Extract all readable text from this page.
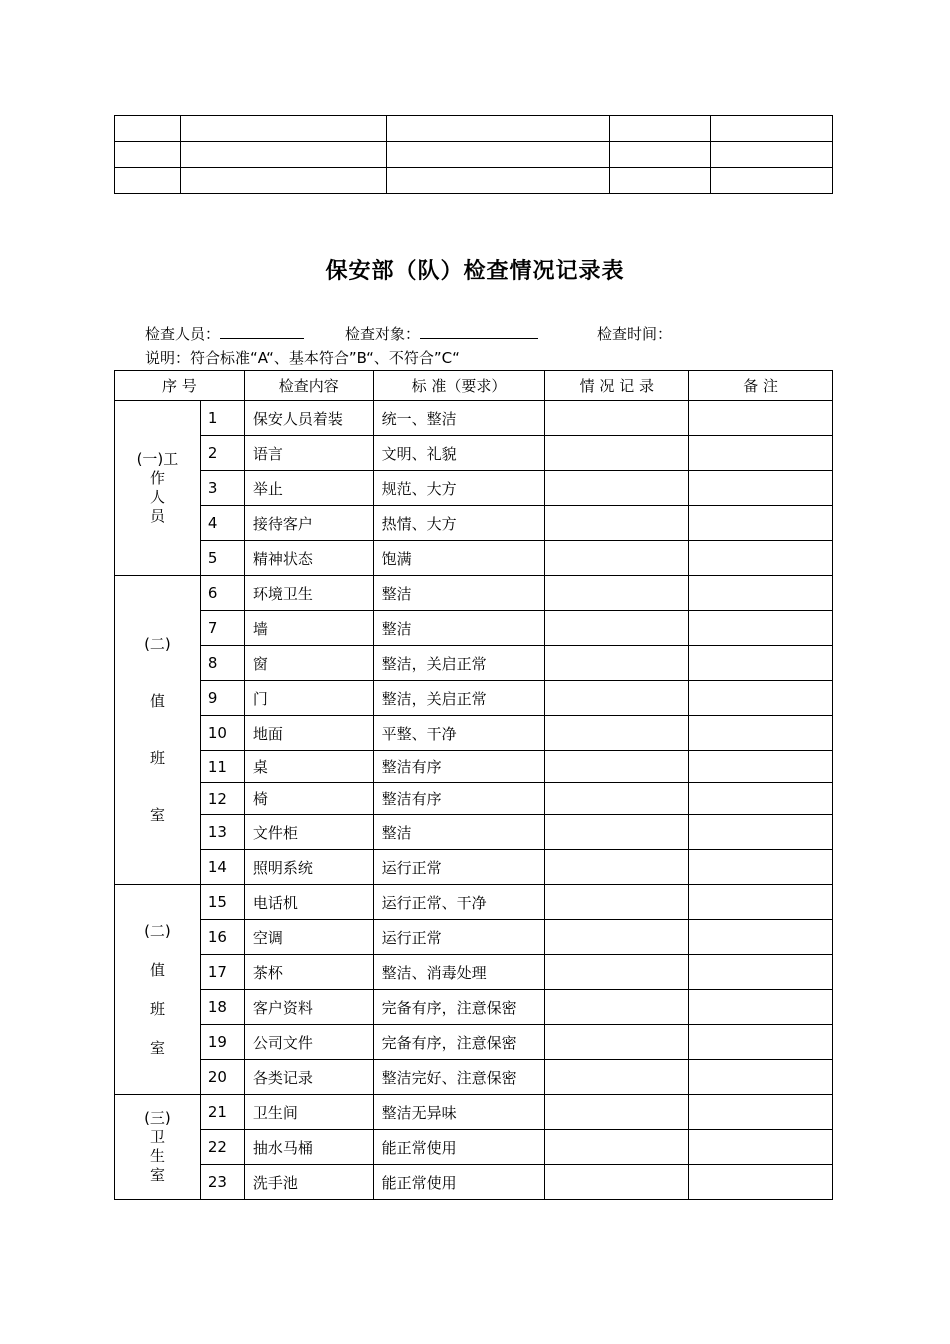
保安部（队）检查情况记录表
检查人员：	检查对象：	检查时间：
说明：符合标准“A“、基本符合”B“、不符合”C“
序 号		检查内容	标 准（要求）	情 况 记 录	备 注

(一)工
作
人
员	1	保安人员着装	统一、整洁		
	2	语言	文明、礼貌		
	3	举止	规范、大方		
	4	接待客户	热情、大方		
	5	精神状态	饱满		

(二)
值
班
室	6	环境卫生	整洁		
	7	墙	整洁		
	8	窗	整洁，关启正常		
	9	门	整洁，关启正常		
	10	地面	平整、干净		
	11	桌	整洁有序		
	12	椅	整洁有序		
	13	文件柜	整洁		
	14	照明系统	运行正常		

(二)
值
班
室	15	电话机	运行正常、干净		
	16	空调	运行正常		
	17	茶杯	整洁、消毒处理		
	18	客户资料	完备有序，注意保密		
	19	公司文件	完备有序，注意保密		
	20	各类记录	整洁完好、注意保密		

(三)
卫
生
室	21	卫生间	整洁无异味		
	22	抽水马桶	能正常使用		
	23	洗手池	能正常使用		
